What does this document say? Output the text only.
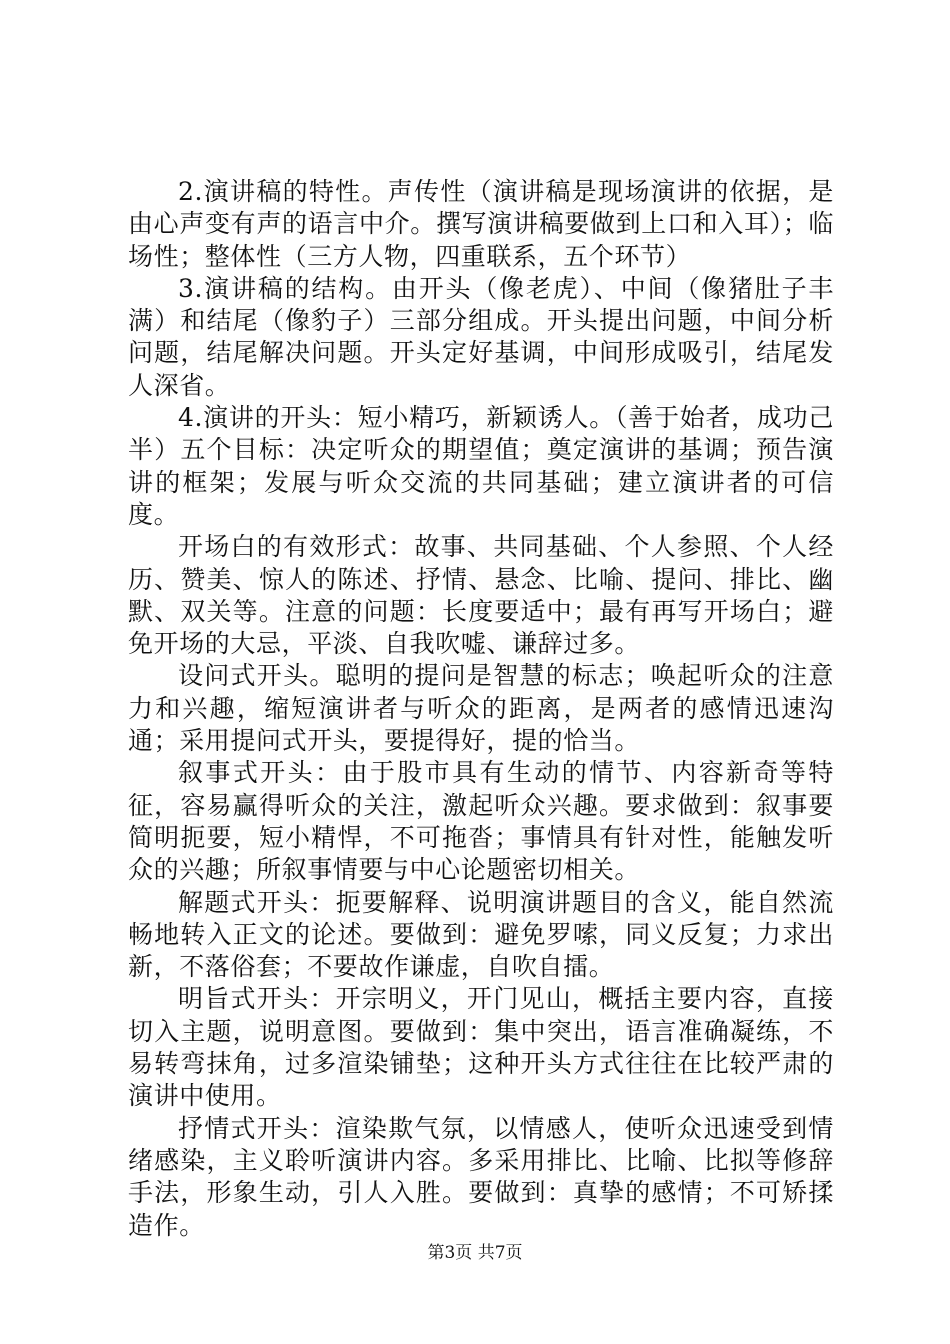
2.演讲稿的特性。声传性（演讲稿是现场演讲的依据，是由心声变有声的语言中介。撰写演讲稿要做到上口和入耳）；临场性；整体性（三方人物，四重联系，五个环节）

3.演讲稿的结构。由开头（像老虎）、中间（像猪肚子丰满）和结尾（像豹子）三部分组成。开头提出问题，中间分析问题，结尾解决问题。开头定好基调，中间形成吸引，结尾发人深省。

4.演讲的开头：短小精巧，新颖诱人。（善于始者，成功己半）五个目标：决定听众的期望值；奠定演讲的基调；预告演讲的框架；发展与听众交流的共同基础；建立演讲者的可信度。

开场白的有效形式：故事、共同基础、个人参照、个人经历、赞美、惊人的陈述、抒情、悬念、比喻、提问、排比、幽默、双关等。注意的问题：长度要适中；最有再写开场白；避免开场的大忌，平淡、自我吹嘘、谦辞过多。

设问式开头。聪明的提问是智慧的标志；唤起听众的注意力和兴趣，缩短演讲者与听众的距离，是两者的感情迅速沟通；采用提问式开头，要提得好，提的恰当。

叙事式开头：由于股市具有生动的情节、内容新奇等特征，容易赢得听众的关注，激起听众兴趣。要求做到：叙事要简明扼要，短小精悍，不可拖沓；事情具有针对性，能触发听众的兴趣；所叙事情要与中心论题密切相关。

解题式开头：扼要解释、说明演讲题目的含义，能自然流畅地转入正文的论述。要做到：避免罗嗦，同义反复；力求出新，不落俗套；不要故作谦虚，自吹自擂。

明旨式开头：开宗明义，开门见山，概括主要内容，直接切入主题，说明意图。要做到：集中突出，语言准确凝练，不易转弯抹角，过多渲染铺垫；这种开头方式往往在比较严肃的演讲中使用。

抒情式开头：渲染欺气氛，以情感人，使听众迅速受到情绪感染，主义聆听演讲内容。多采用排比、比喻、比拟等修辞手法，形象生动，引人入胜。要做到：真挚的感情；不可矫揉造作。

第3页 共7页
